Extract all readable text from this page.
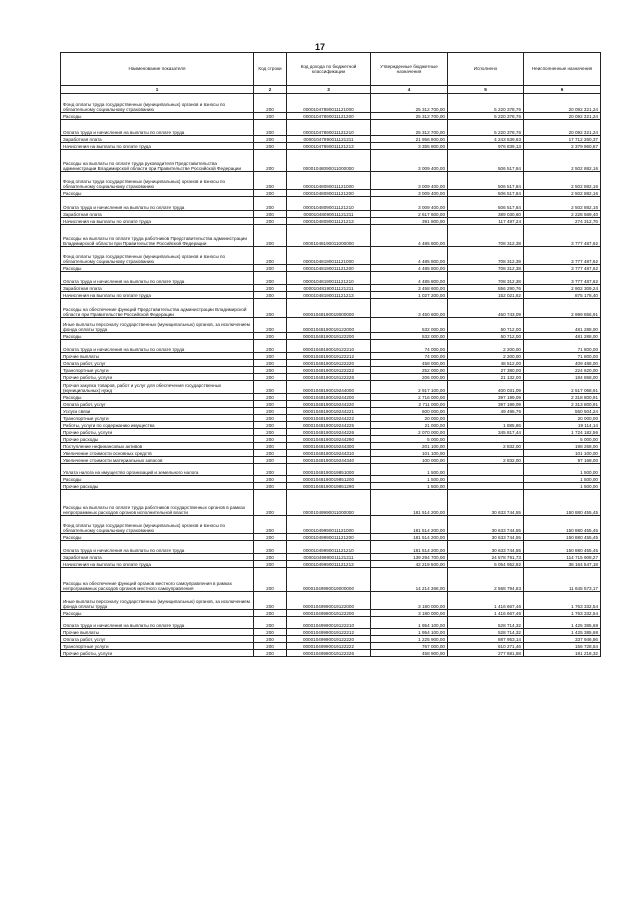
17
Наименование показателя	Код строки	Код дохода по бюджетной классификации	Утвержденные бюджетные назначения	Исполнено	Неисполненные назначения
1	2	3	4	5	6
Фонд оплаты труда государственных (муниципальных) органов и взносы по обязательному социальному страхованию	200	00001047890011121000	25 312 700,00	5 220 378,76	20 092 321,24
Расходы	200	00001047890011121200	25 312 700,00	5 220 378,76	20 092 321,24
Оплата труда и начисления на выплаты по оплате труда	200	00001047890011121210	25 312 700,00	5 220 378,76	20 092 321,24
Заработная плата	200	00001047890011121211	21 956 900,00	4 243 539,63	17 712 360,37
Начисления на выплаты по оплате труда	200	00001047890011121213	3 355 800,00	976 839,13	2 379 960,87
Расходы на выплаты по оплате труда руководителя Представительства администрации Владимирской области при Правительстве Российской Федерации	200	00001048090011000000	3 009 400,00	506 517,84	2 502 882,16
Фонд оплаты труда государственных (муниципальных) органов и взносы по обязательному социальному страхованию	200	00001048090011121000	3 009 400,00	506 517,84	2 502 882,16
Расходы	200	00001048090011121200	3 009 400,00	506 517,84	2 502 882,16
Оплата труда и начисления на выплаты по оплате труда	200	00001048090011121210	3 009 400,00	506 517,84	2 502 882,16
Заработная плата	200	00001048090011121211	2 617 600,00	389 030,60	2 228 569,40
Начисления на выплаты по оплате труда	200	00001048090011121213	391 800,00	117 487,24	274 312,76
Расходы на выплаты по оплате труда работников Представительства администрации Владимирской области при Правительстве Российской Федерации	200	00001048190011000000	4 485 800,00	708 312,38	3 777 487,62
Фонд оплаты труда государственных (муниципальных) органов и взносы по обязательному социальному страхованию	200	00001048190011121000	4 485 800,00	708 312,38	3 777 487,62
Расходы	200	00001048190011121200	4 485 800,00	708 312,38	3 777 487,62
Оплата труда и начисления на выплаты по оплате труда	200	00001048190011121210	4 485 800,00	708 312,38	3 777 487,62
Заработная плата	200	00001048190011121211	3 458 600,00	556 290,76	2 902 309,24
Начисления на выплаты по оплате труда	200	00001048190011121213	1 027 200,00	152 021,62	875 178,40
Расходы на обеспечение функций Представительства администрации Владимирской области при Правительстве Российской Федерации	200	00001048190019000000	3 450 600,00	450 743,09	2 999 856,91
Иные выплаты персоналу государственных (муниципальных) органов, за исключением фонда оплаты труда	200	00001048190019122000	532 000,00	50 712,00	481 288,00
Расходы	200	00001048190019122200	532 000,00	50 712,00	481 288,00
Оплата труда и начисления на выплаты по оплате труда	200	00001048190019122210	74 000,00	2 200,00	71 800,00
Прочие выплаты	200	00001048190019122212	74 000,00	2 200,00	71 800,00
Оплата работ, услуг	200	00001048190019122220	458 000,00	48 512,00	409 488,00
Транспортные услуги	200	00001048190019122222	252 000,00	27 380,00	224 620,00
Прочие работы, услуги	200	00001048190019122226	206 000,00	21 132,00	184 868,00
Прочая закупка товаров, работ и услуг для обеспечения государственных (муниципальных) нужд	200	00001048190019244000	2 917 100,00	400 031,09	2 517 068,91
Расходы	200	00001048190019244200	2 716 000,00	397 199,09	2 318 800,91
Оплата работ, услуг	200	00001048190019244220	2 711 000,00	397 199,09	2 313 800,91
Услуги связи	200	00001048190019244221	600 000,00	49 495,76	550 504,24
Транспортные услуги	200	00001048190019244222	20 000,00		20 000,00
Работы, услуги по содержанию имущества	200	00001048190019244225	21 000,00	1 885,86	19 114,14
Прочие работы, услуги	200	00001048190019244226	2 070 000,00	345 817,44	1 724 182,56
Прочие расходы	200	00001048190019244290	5 000,00		5 000,00
Поступление нефинансовых активов	200	00001048190019244300	201 100,00	2 832,00	198 268,00
Увеличение стоимости основных средств	200	00001048190019244310	101 100,00		101 100,00
Увеличение стоимости материальных запасов	200	00001048190019244340	100 000,00	2 832,00	97 168,00
Уплата налога на имущество организаций и земельного налога	200	00001048190019851000	1 500,00		1 500,00
Расходы	200	00001048190019851200	1 500,00		1 500,00
Прочие расходы	200	00001048190019851290	1 500,00		1 500,00
Расходы на выплаты по оплате труда работников государственных органов в рамках непрограммных расходов органов исполнительной власти	200	00001049990011000000	181 514 200,00	30 633 744,55	150 880 455,45
Фонд оплаты труда государственных (муниципальных) органов и взносы по обязательному социальному страхованию	200	00001049990011121000	181 514 200,00	30 633 744,55	150 880 455,45
Расходы	200	00001049990011121200	181 514 200,00	30 633 744,55	150 880 455,45
Оплата труда и начисления на выплаты по оплате труда	200	00001049990011121210	181 514 200,00	30 633 744,55	150 880 455,45
Заработная плата	200	00001049990011121211	139 294 700,00	24 578 791,73	114 715 908,27
Начисления на выплаты по оплате труда	200	00001049990011121213	42 219 500,00	6 054 952,82	36 164 547,18
Расходы на обеспечение функций органов местного самоуправления в рамках непрограммных расходов органов местного самоуправления	200	00001049990019000000	14 214 368,00	2 568 794,83	11 645 573,17
Иные выплаты персоналу государственных (муниципальных) органов, за исключением фонда оплаты труда	200	00001049990019122000	3 180 000,00	1 416 667,46	1 763 332,54
Расходы	200	00001049990019122200	3 180 000,00	1 416 667,46	1 763 332,54
Оплата труда и начисления на выплаты по оплате труда	200	00001049990019122210	1 954 100,00	528 714,32	1 425 385,68
Прочие выплаты	200	00001049990019122212	1 954 100,00	528 714,32	1 425 385,68
Оплата работ, услуг	200	00001049990019122220	1 225 900,00	887 953,14	337 946,86
Транспортные услуги	200	00001049990019122222	767 000,00	610 271,46	156 728,54
Прочие работы, услуги	200	00001049990019122226	458 900,00	277 681,68	181 218,32
